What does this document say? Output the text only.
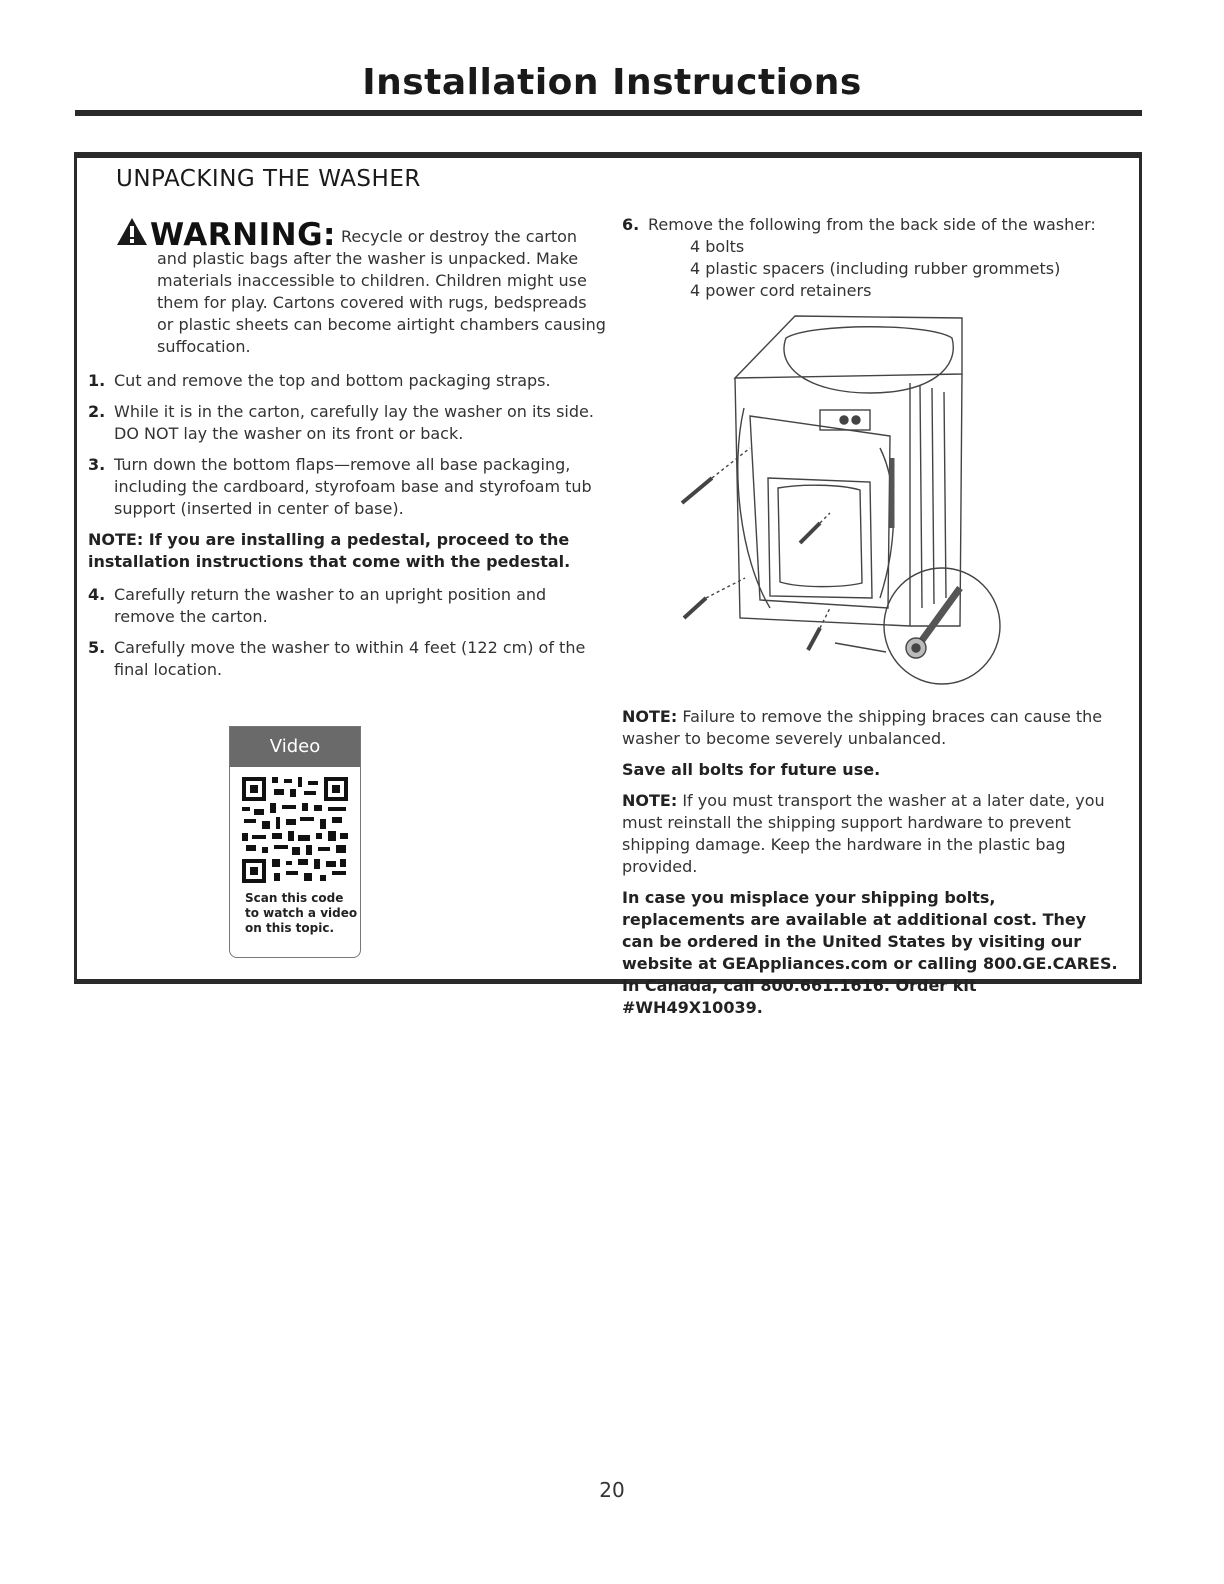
Installation Instructions
UNPACKING THE WASHER
WARNING: Recycle or destroy the carton
and plastic bags after the washer is unpacked. Make materials inaccessible to children. Children might use them for play. Cartons covered with rugs, bedspreads or plastic sheets can become airtight chambers causing suffocation.
1. Cut and remove the top and bottom packaging straps.
2. While it is in the carton, carefully lay the washer on its side. DO NOT lay the washer on its front or back.
3. Turn down the bottom flaps—remove all base packaging, including the cardboard, styrofoam base and styrofoam tub support (inserted in center of base).
NOTE: If you are installing a pedestal, proceed to the installation instructions that come with the pedestal.
4. Carefully return the washer to an upright position and remove the carton.
5. Carefully move the washer to within 4 feet (122 cm) of the final location.
Video
Scan this code
to watch a video
on this topic.
6. Remove the following from the back side of the washer:
4 bolts
4 plastic spacers (including rubber grommets)
4 power cord retainers

NOTE: Failure to remove the shipping braces can cause the washer to become severely unbalanced.

Save all bolts for future use.

NOTE: If you must transport the washer at a later date, you must reinstall the shipping support hardware to prevent shipping damage. Keep the hardware in the plastic bag provided.

In case you misplace your shipping bolts, replacements are available at additional cost. They can be ordered in the United States by visiting our website at GEAppliances.com or calling 800.GE.CARES. In Canada, call 800.661.1616. Order kit #WH49X10039.

20
